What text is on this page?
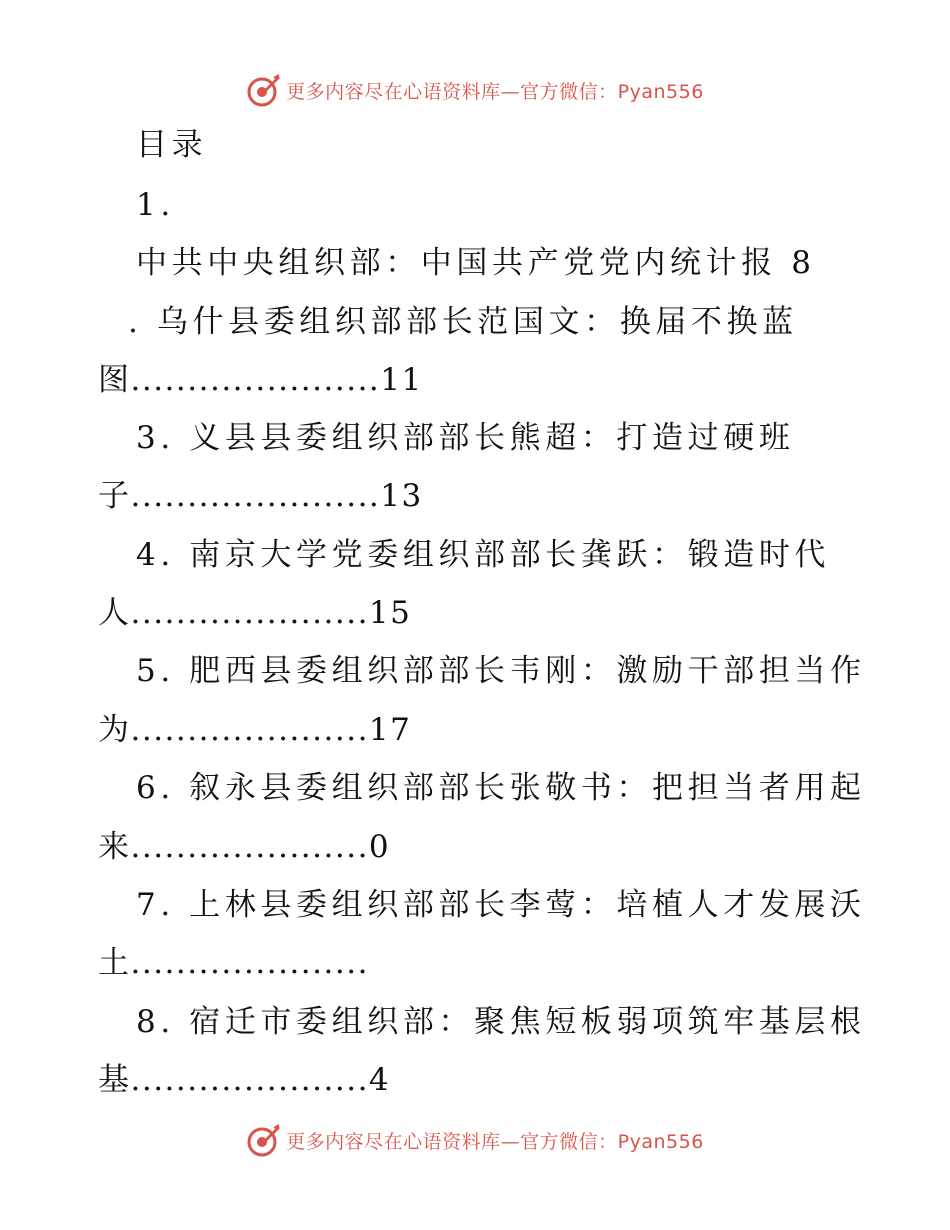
更多内容尽在心语资料库—官方微信：Pyan556
目录
1.
中共中央组织部：中国共产党党内统计报 8
. 乌什县委组织部部长范国文：换届不换蓝
图......................11
3. 义县县委组织部部长熊超：打造过硬班
子......................13
4. 南京大学党委组织部部长龚跃：锻造时代
人.....................15
5. 肥西县委组织部部长韦刚：激励干部担当作
为.....................17
6. 叙永县委组织部部长张敬书：把担当者用起
来.....................0
7. 上林县委组织部部长李莺：培植人才发展沃
土.....................
8. 宿迁市委组织部：聚焦短板弱项筑牢基层根
基.....................4
更多内容尽在心语资料库—官方微信：Pyan556
